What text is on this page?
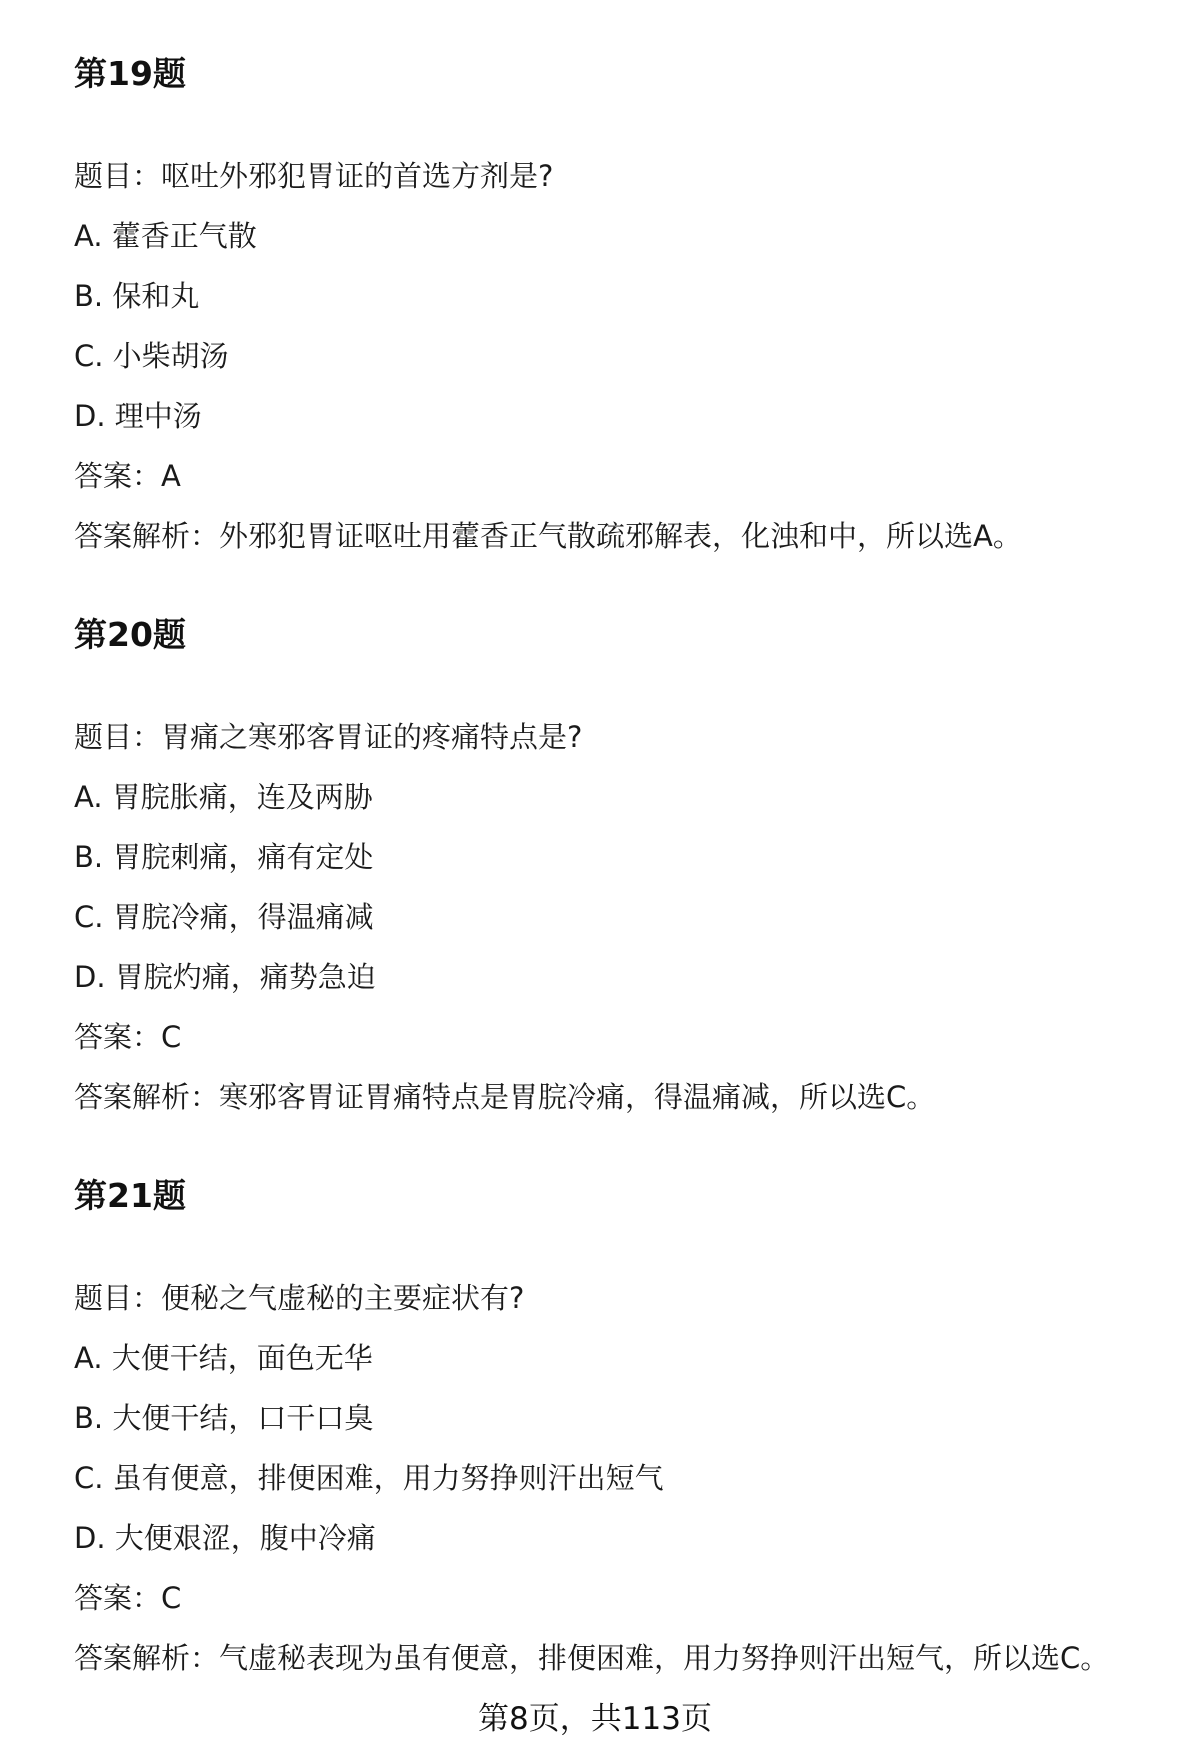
第19题
题目：呕吐外邪犯胃证的首选方剂是?
A. 藿香正气散
B. 保和丸
C. 小柴胡汤
D. 理中汤
答案：A
答案解析：外邪犯胃证呕吐用藿香正气散疏邪解表，化浊和中，所以选A。
第20题
题目：胃痛之寒邪客胃证的疼痛特点是?
A. 胃脘胀痛，连及两胁
B. 胃脘刺痛，痛有定处
C. 胃脘冷痛，得温痛减
D. 胃脘灼痛，痛势急迫
答案：C
答案解析：寒邪客胃证胃痛特点是胃脘冷痛，得温痛减，所以选C。
第21题
题目：便秘之气虚秘的主要症状有?
A. 大便干结，面色无华
B. 大便干结，口干口臭
C. 虽有便意，排便困难，用力努挣则汗出短气
D. 大便艰涩，腹中冷痛
答案：C
答案解析：气虚秘表现为虽有便意，排便困难，用力努挣则汗出短气，所以选C。
第8页，共113页
